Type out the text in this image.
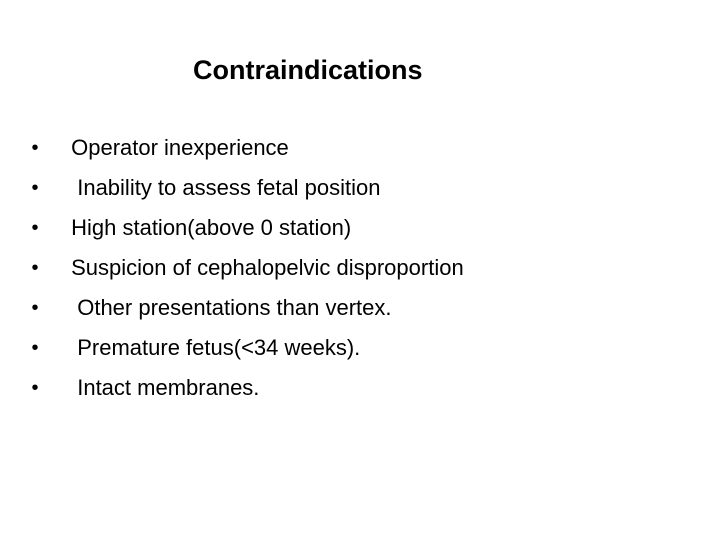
Contraindications
• Operator inexperience
• Inability to assess fetal position
• High station(above 0 station)
• Suspicion of cephalopelvic disproportion
• Other presentations than vertex.
• Premature fetus(<34 weeks).
• Intact membranes.
